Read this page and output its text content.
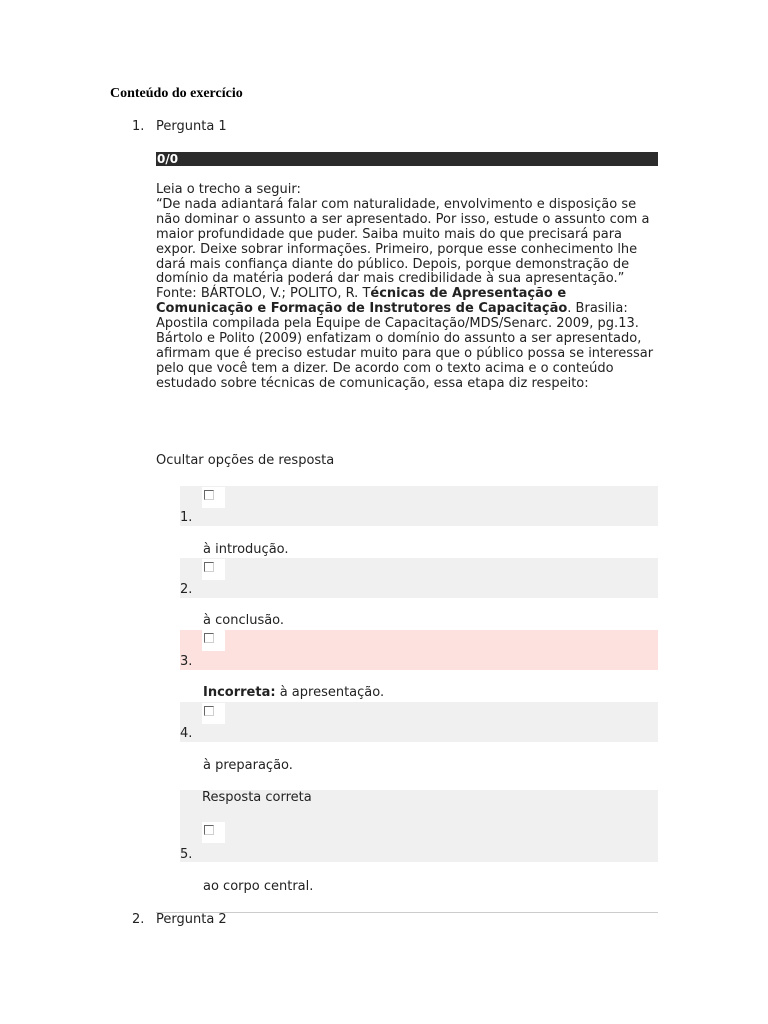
Conteúdo do exercício
1. Pergunta 1
0/0

Leia o trecho a seguir:

“De nada adiantará falar com naturalidade, envolvimento e disposição se não dominar o assunto a ser apresentado. Por isso, estude o assunto com a maior profundidade que puder. Saiba muito mais do que precisará para expor. Deixe sobrar informações. Primeiro, porque esse conhecimento lhe dará mais confiança diante do público. Depois, porque demonstração de domínio da matéria poderá dar mais credibilidade à sua apresentação.”

Fonte: BÁRTOLO, V.; POLITO, R. Técnicas de Apresentação e Comunicação e Formação de Instrutores de Capacitação. Brasilia: Apostila compilada pela Equipe de Capacitação/MDS/Senarc. 2009, pg.13.

Bártolo e Polito (2009) enfatizam o domínio do assunto a ser apresentado, afirmam que é preciso estudar muito para que o público possa se interessar pelo que você tem a dizer. De acordo com o texto acima e o conteúdo estudado sobre técnicas de comunicação, essa etapa diz respeito:

Ocultar opções de resposta
1.
à introdução.
2.
à conclusão.
3.
Incorreta: à apresentação.
4.
à preparação.
Resposta correta
5.
ao corpo central.
2. Pergunta 2
